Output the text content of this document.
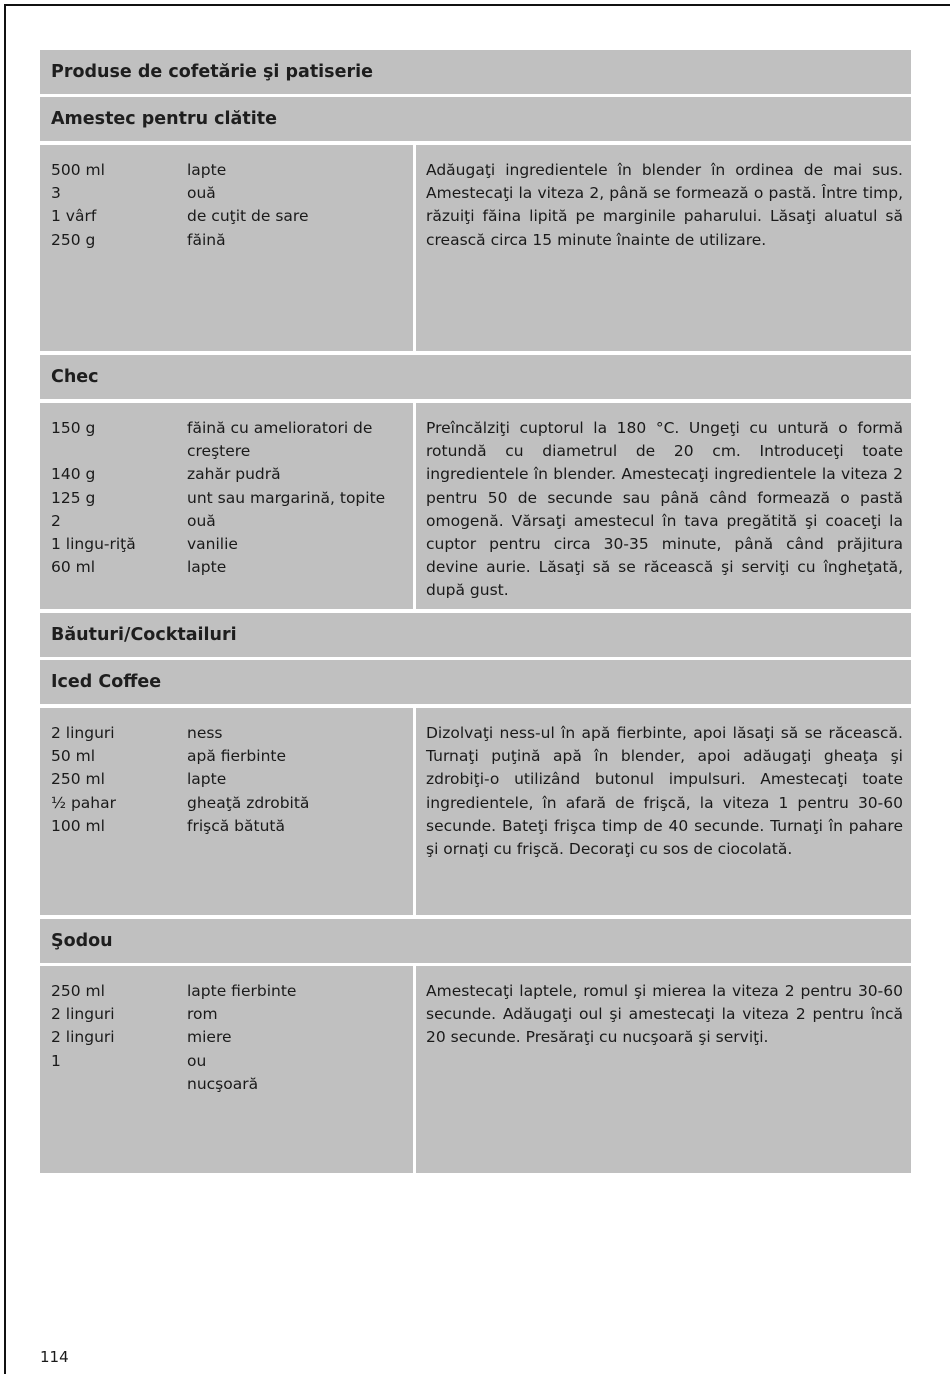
Produse de cofetărie şi patiserie
Amestec pentru clătite
500 ml	lapte
3	ouă
1 vârf	de cuţit de sare
250 g	făină
Adăugaţi ingredientele în blender în ordinea de mai sus. Amestecaţi la viteza 2, până se formează o pastă. Între timp, răzuiţi făina lipită pe marginile paharului. Lăsaţi aluatul să crească circa 15 minute înainte de utilizare.
Chec
150 g	făină cu amelioratori de creştere
140 g	zahăr pudră
125 g	unt sau margarină, topite
2	ouă
1 lingu-riţă	vanilie
60 ml	lapte
Preîncălziţi cuptorul la 180 °C. Ungeţi cu untură o formă rotundă cu diametrul de 20 cm. Introduceţi toate ingredientele în blender. Amestecaţi ingredientele la viteza 2 pentru 50 de secunde sau până când formează o pastă omogenă. Vărsaţi amestecul în tava pregătită şi coaceţi la cuptor pentru circa 30-35 minute, până când prăjitura devine aurie. Lăsaţi să se răcească şi serviţi cu îngheţată, după gust.
Băuturi/Cocktailuri
Iced Coffee
2 linguri	ness
50 ml	apă fierbinte
250 ml	lapte
½ pahar	gheaţă zdrobită
100 ml	frişcă bătută
Dizolvaţi ness-ul în apă fierbinte, apoi lăsaţi să se răcească. Turnaţi puţină apă în blender, apoi adăugaţi gheaţa şi zdrobiţi-o utilizând butonul impulsuri. Amestecaţi toate ingredientele, în afară de frişcă, la viteza 1 pentru 30-60 secunde. Bateţi frişca timp de 40 secunde. Turnaţi în pahare şi ornaţi cu frişcă. Decoraţi cu sos de ciocolată.
Şodou
250 ml	lapte fierbinte
2 linguri	rom
2 linguri	miere
1	ou
nucşoară
Amestecaţi laptele, romul şi mierea la viteza 2 pentru 30-60 secunde. Adăugaţi oul şi amestecaţi la viteza 2 pentru încă 20 secunde. Presăraţi cu nucşoară şi serviţi.
114
